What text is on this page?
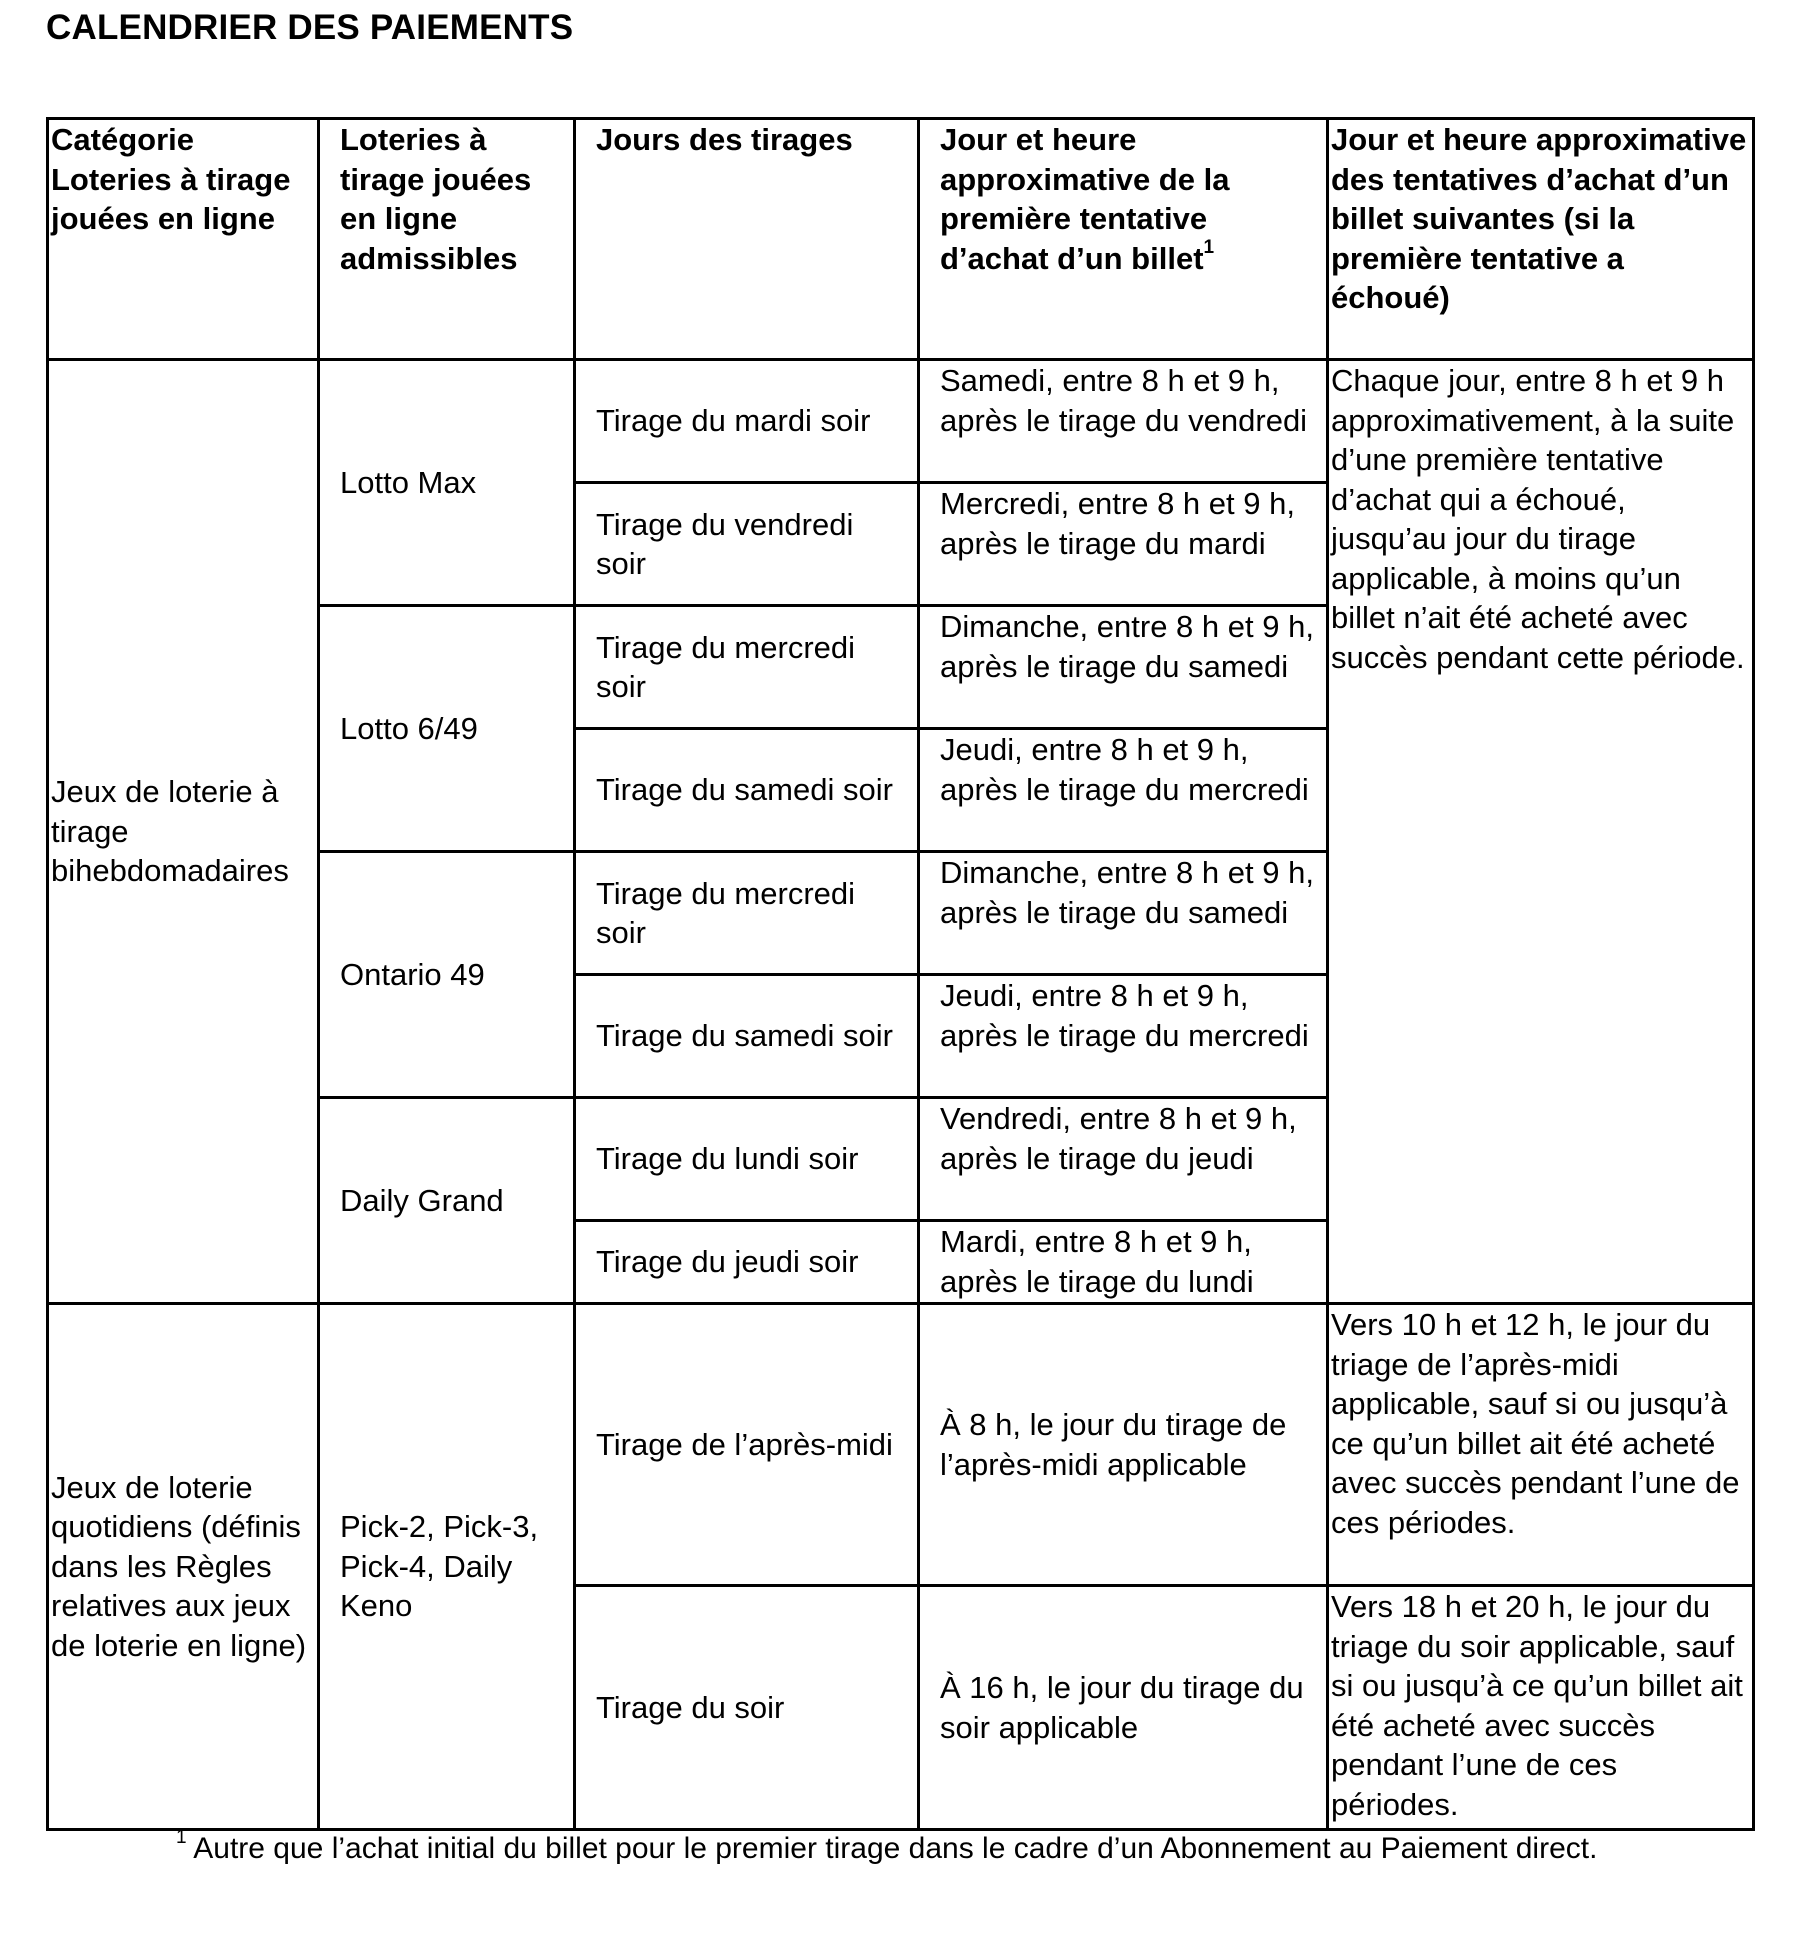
CALENDRIER DES PAIEMENTS
Catégorie Loteries à tirage jouées en ligne	Loteries à tirage jouées en ligne admissibles	Jours des tirages	Jour et heure approximative de la première tentative d’achat d’un billet$^1$	Jour et heure approximative des tentatives d’achat d’un billet suivantes (si la première tentative a échoué)
Jeux de loterie à tirage bihebdomadaires	Lotto Max	Tirage du mardi soir	Samedi, entre 8 h et 9 h, après le tirage du vendredi	Chaque jour, entre 8 h et 9 h approximativement, à la suite d’une première tentative d’achat qui a échoué, jusqu’au jour du tirage applicable, à moins qu’un billet n’ait été acheté avec succès pendant cette période.
		Tirage du vendredi soir	Mercredi, entre 8 h et 9 h, après le tirage du mardi	
	Lotto 6/49	Tirage du mercredi soir	Dimanche, entre 8 h et 9 h, après le tirage du samedi	
		Tirage du samedi soir	Jeudi, entre 8 h et 9 h, après le tirage du mercredi	
	Ontario 49	Tirage du mercredi soir	Dimanche, entre 8 h et 9 h, après le tirage du samedi	
		Tirage du samedi soir	Jeudi, entre 8 h et 9 h, après le tirage du mercredi	
	Daily Grand	Tirage du lundi soir	Vendredi, entre 8 h et 9 h, après le tirage du jeudi	
		Tirage du jeudi soir	Mardi, entre 8 h et 9 h, après le tirage du lundi	
Jeux de loterie quotidiens (définis dans les Règles relatives aux jeux de loterie en ligne)	Pick-2, Pick-3, Pick-4, Daily Keno	Tirage de l’après-midi	À 8 h, le jour du tirage de l’après-midi applicable	Vers 10 h et 12 h, le jour du triage de l’après-midi applicable, sauf si ou jusqu’à ce qu’un billet ait été acheté avec succès pendant l’une de ces périodes.
		Tirage du soir	À 16 h, le jour du tirage du soir applicable	Vers 18 h et 20 h, le jour du triage du soir applicable, sauf si ou jusqu’à ce qu’un billet ait été acheté avec succès pendant l’une de ces périodes.

$^1$ Autre que l’achat initial du billet pour le premier tirage dans le cadre d’un Abonnement au Paiement direct.
